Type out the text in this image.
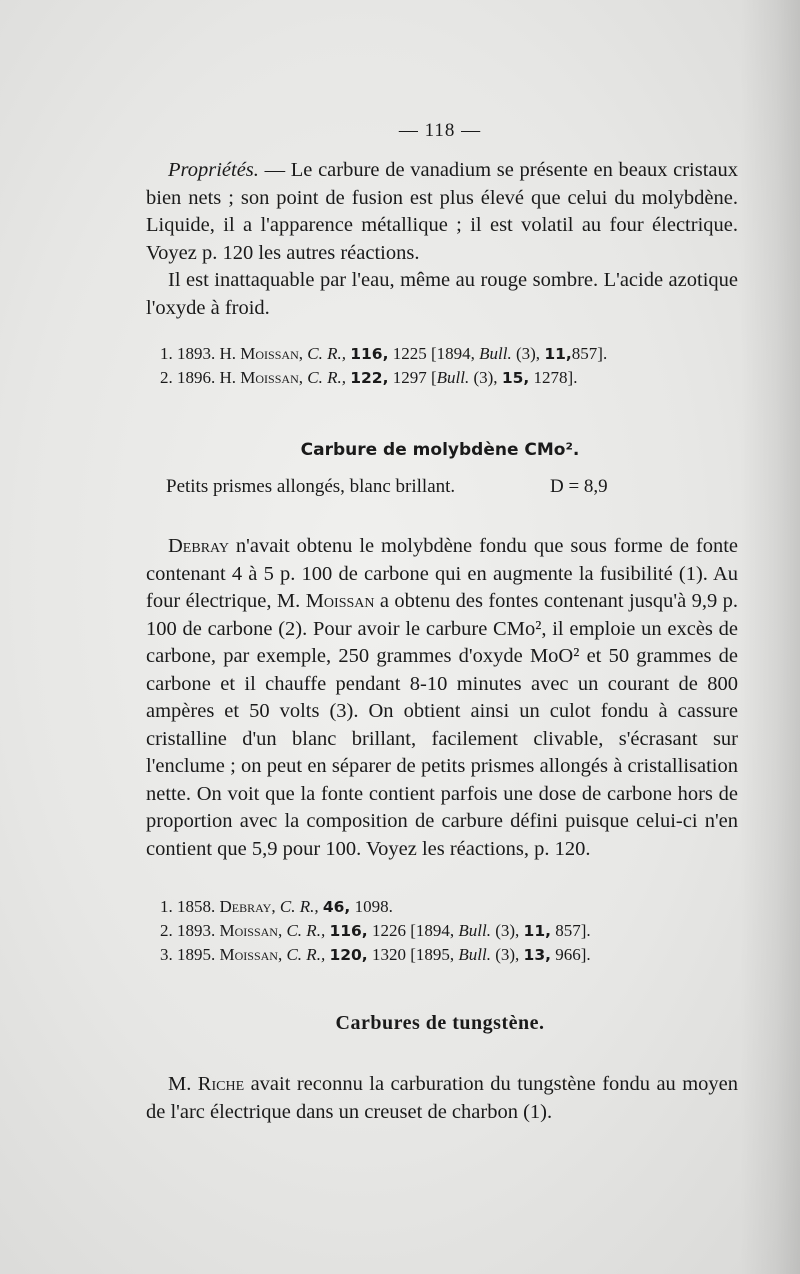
— 118 —

Propriétés. — Le carbure de vanadium se présente en beaux cristaux bien nets ; son point de fusion est plus élevé que celui du molybdène. Liquide, il a l'apparence métallique ; il est volatil au four électrique. Voyez p. 120 les autres réactions.

Il est inattaquable par l'eau, même au rouge sombre. L'acide azotique l'oxyde à froid.

1. 1893. H. Moissan, C. R., 116, 1225 [1894, Bull. (3), 11,857].
2. 1896. H. Moissan, C. R., 122, 1297 [Bull. (3), 15, 1278].
Carbure de molybdène CMo².
Petits prismes allongés, blanc brillant.	D = 8,9

Debray n'avait obtenu le molybdène fondu que sous forme de fonte contenant 4 à 5 p. 100 de carbone qui en augmente la fusibilité (1). Au four électrique, M. Moissan a obtenu des fontes contenant jusqu'à 9,9 p. 100 de carbone (2). Pour avoir le carbure CMo², il emploie un excès de carbone, par exemple, 250 grammes d'oxyde MoO² et 50 grammes de carbone et il chauffe pendant 8-10 minutes avec un courant de 800 ampères et 50 volts (3). On obtient ainsi un culot fondu à cassure cristalline d'un blanc brillant, facilement clivable, s'écrasant sur l'enclume ; on peut en séparer de petits prismes allongés à cristallisation nette. On voit que la fonte contient parfois une dose de carbone hors de proportion avec la composition de carbure défini puisque celui-ci n'en contient que 5,9 pour 100. Voyez les réactions, p. 120.

1. 1858. Debray, C. R., 46, 1098.
2. 1893. Moissan, C. R., 116, 1226 [1894, Bull. (3), 11, 857].
3. 1895. Moissan, C. R., 120, 1320 [1895, Bull. (3), 13, 966].
Carbures de tungstène.

M. Riche avait reconnu la carburation du tungstène fondu au moyen de l'arc électrique dans un creuset de charbon (1).
